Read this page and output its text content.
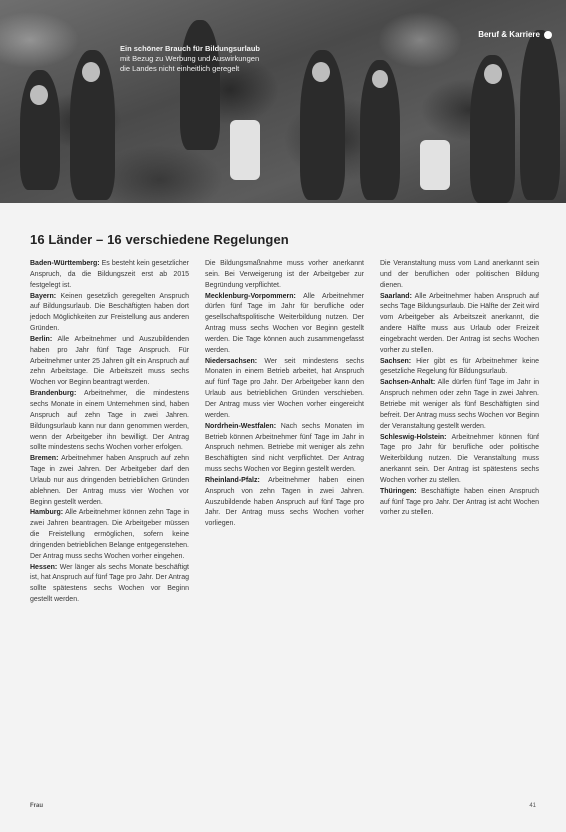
Ein schöner Brauch für Bildungsurlaub
mit Bezug zu Werbung und Auswirkungen
die Landes nicht einheitlich geregelt
Beruf & Karriere
16 Länder – 16 verschiedene Regelungen

Baden-Württemberg: Es besteht kein gesetzlicher Anspruch, da die Bildungszeit erst ab 2015 festgelegt ist.

Bayern: Keinen gesetzlich geregelten Anspruch auf Bildungsurlaub. Die Beschäftigten haben dort jedoch Möglichkeiten zur Freistellung aus anderen Gründen.

Berlin: Alle Arbeitnehmer und Auszubildenden haben pro Jahr fünf Tage Anspruch. Für Arbeitnehmer unter 25 Jahren gilt ein Anspruch auf zehn Arbeitstage. Die Arbeitszeit muss sechs Wochen vor Beginn beantragt werden.

Brandenburg: Arbeitnehmer, die mindestens sechs Monate in einem Unternehmen sind, haben Anspruch auf zehn Tage in zwei Jahren. Bildungsurlaub kann nur dann genommen werden, wenn der Arbeitgeber ihn bewilligt. Der Antrag sollte mindestens sechs Wochen vorher erfolgen.

Bremen: Arbeitnehmer haben Anspruch auf zehn Tage in zwei Jahren. Der Arbeitgeber darf den Urlaub nur aus dringenden betrieblichen Gründen ablehnen. Der Antrag muss vier Wochen vor Beginn gestellt werden.

Hamburg: Alle Arbeitnehmer können zehn Tage in zwei Jahren beantragen. Die Arbeitgeber müssen die Freistellung ermöglichen, sofern keine dringenden betrieblichen Belange entgegenstehen. Der Antrag muss sechs Wochen vorher eingehen.

Hessen: Wer länger als sechs Monate beschäftigt ist, hat Anspruch auf fünf Tage pro Jahr. Der Antrag sollte spätestens sechs Wochen vor Beginn gestellt werden.

Die Bildungsmaßnahme muss vorher anerkannt sein. Bei Verweigerung ist der Arbeitgeber zur Begründung verpflichtet.

Mecklenburg-Vorpommern: Alle Arbeitnehmer dürfen fünf Tage im Jahr für berufliche oder gesellschaftspolitische Weiterbildung nutzen. Der Antrag muss sechs Wochen vor Beginn gestellt werden. Die Tage können auch zusammengefasst werden.

Niedersachsen: Wer seit mindestens sechs Monaten in einem Betrieb arbeitet, hat Anspruch auf fünf Tage pro Jahr. Der Arbeitgeber kann den Urlaub aus betrieblichen Gründen verschieben. Der Antrag muss vier Wochen vorher eingereicht werden.

Nordrhein-Westfalen: Nach sechs Monaten im Betrieb können Arbeitnehmer fünf Tage im Jahr in Anspruch nehmen. Betriebe mit weniger als zehn Beschäftigten sind nicht verpflichtet. Der Antrag muss sechs Wochen vor Beginn gestellt werden.

Rheinland-Pfalz: Arbeitnehmer haben einen Anspruch von zehn Tagen in zwei Jahren. Auszubildende haben Anspruch auf fünf Tage pro Jahr. Der Antrag muss sechs Wochen vorher vorliegen.

Die Veranstaltung muss vom Land anerkannt sein und der beruflichen oder politischen Bildung dienen.

Saarland: Alle Arbeitnehmer haben Anspruch auf sechs Tage Bildungsurlaub. Die Hälfte der Zeit wird vom Arbeitgeber als Arbeitszeit anerkannt, die andere Hälfte muss aus Urlaub oder Freizeit eingebracht werden. Der Antrag ist sechs Wochen vorher zu stellen.

Sachsen: Hier gibt es für Arbeitnehmer keine gesetzliche Regelung für Bildungsurlaub.

Sachsen-Anhalt: Alle dürfen fünf Tage im Jahr in Anspruch nehmen oder zehn Tage in zwei Jahren. Betriebe mit weniger als fünf Beschäftigten sind befreit. Der Antrag muss sechs Wochen vor Beginn der Veranstaltung gestellt werden.

Schleswig-Holstein: Arbeitnehmer können fünf Tage pro Jahr für berufliche oder politische Weiterbildung nutzen. Die Veranstaltung muss anerkannt sein. Der Antrag ist spätestens sechs Wochen vorher zu stellen.

Thüringen: Beschäftigte haben einen Anspruch auf fünf Tage pro Jahr. Der Antrag ist acht Wochen vorher zu stellen.

Frau	41
